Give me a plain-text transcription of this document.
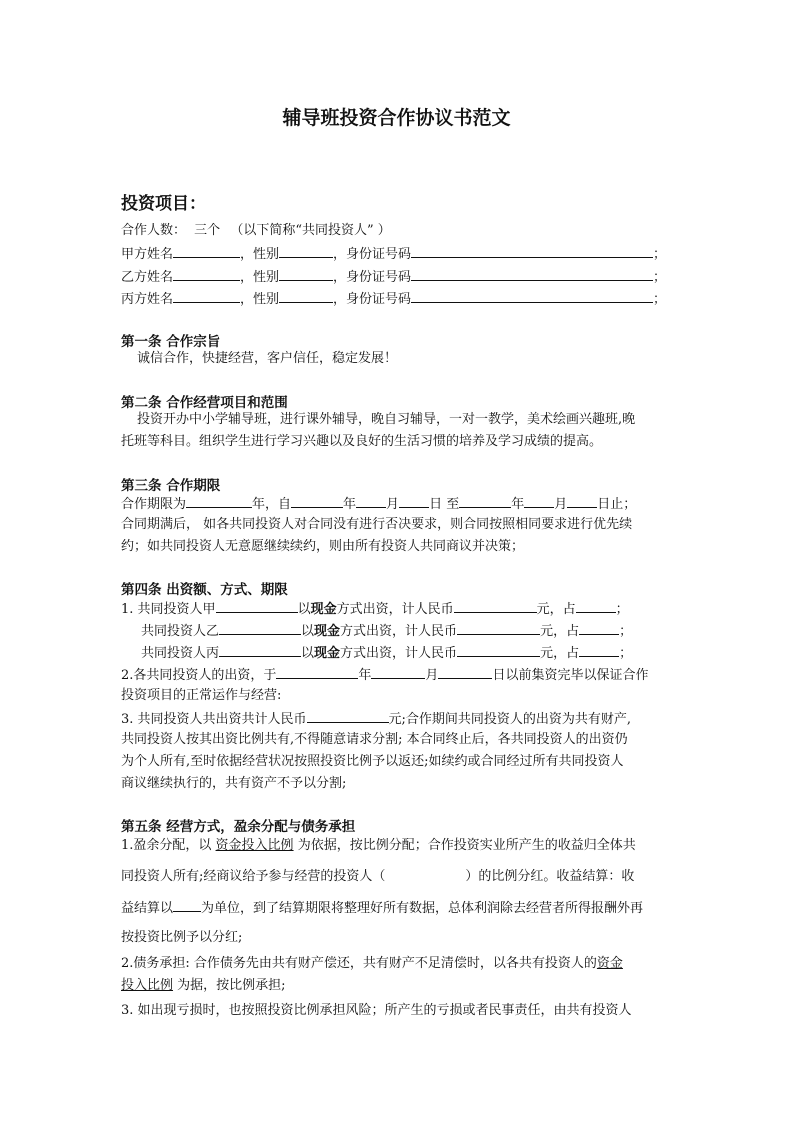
辅导班投资合作协议书范文
投资项目：
合作人数： 三个 （以下简称“共同投资人” ）
甲方姓名	，性别	，身份证号码	；
乙方姓名	，性别	，身份证号码	；
丙方姓名	，性别	，身份证号码	；
第一条 合作宗旨
诚信合作，快捷经营，客户信任，稳定发展！
第二条 合作经营项目和范围
投资开办中小学辅导班，进行课外辅导，晚自习辅导，一对一教学，美术绘画兴趣班,晚
托班等科目。组织学生进行学习兴趣以及良好的生活习惯的培养及学习成绩的提高。
第三条 合作期限
合作期限为	年，自	年 月 日 至	年 月 日止；
合同期满后， 如各共同投资人对合同没有进行否决要求，则合同按照相同要求进行优先续
约；如共同投资人无意愿继续续约，则由所有投资人共同商议并决策；
第四条 出资额、方式、期限
1. 共同投资人甲	以现金方式出资，计人民币	元，占	；
共同投资人乙	以现金方式出资，计人民币	元，占	；
共同投资人丙	以现金方式出资，计人民币	元，占	；
2.各共同投资人的出资，于	年	月	日以前集资完毕以保证合作
投资项目的正常运作与经营:
3. 共同投资人共出资共计人民币	元;合作期间共同投资人的出资为共有财产,
共同投资人按其出资比例共有,不得随意请求分割; 本合同终止后，各共同投资人的出资仍
为个人所有,至时依据经营状况按照投资比例予以返还;如续约或合同经过所有共同投资人
商议继续执行的，共有资产不予以分割;
第五条 经营方式，盈余分配与债务承担
1.盈余分配，以 资金投入比例 为依据，按比例分配；合作投资实业所产生的收益归全体共
同投资人所有;经商议给予参与经营的投资人（	）的比例分红。收益结算：收
益结算以 为单位，到了结算期限将整理好所有数据，总体利润除去经营者所得报酬外再
按投资比例予以分红;
2.债务承担: 合作债务先由共有财产偿还，共有财产不足清偿时，以各共有投资人的资金
投入比例 为据，按比例承担;
3. 如出现亏损时，也按照投资比例承担风险；所产生的亏损或者民事责任，由共有投资人
